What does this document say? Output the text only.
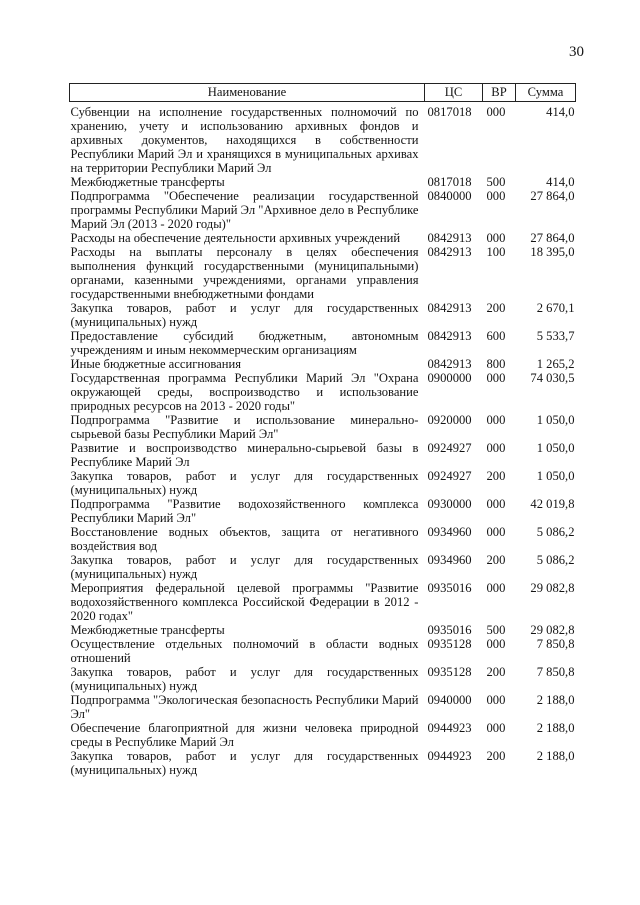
30
Наименование	ЦС	ВР	Сумма
Субвенции на исполнение государственных полномочий по хранению, учету и использованию архивных фондов и архивных документов, находящихся в собственности Республики Марий Эл и хранящихся в муниципальных архивах на территории Республики Марий Эл	0817018	000	414,0
Межбюджетные трансферты	0817018	500	414,0
Подпрограмма "Обеспечение реализации государственной программы Республики Марий Эл "Архивное дело в Республике Марий Эл (2013 - 2020 годы)"	0840000	000	27 864,0
Расходы на обеспечение деятельности архивных учреждений	0842913	000	27 864,0
Расходы на выплаты персоналу в целях обеспечения выполнения функций государственными (муниципальными) органами, казенными учреждениями, органами управления государственными внебюджетными фондами	0842913	100	18 395,0
Закупка товаров, работ и услуг для государственных (муниципальных) нужд	0842913	200	2 670,1
Предоставление субсидий бюджетным, автономным учреждениям и иным некоммерческим организациям	0842913	600	5 533,7
Иные бюджетные ассигнования	0842913	800	1 265,2
Государственная программа Республики Марий Эл "Охрана окружающей среды, воспроизводство и использование природных ресурсов на 2013 - 2020 годы"	0900000	000	74 030,5
Подпрограмма "Развитие и использование минерально-сырьевой базы Республики Марий Эл"	0920000	000	1 050,0
Развитие и воспроизводство минерально-сырьевой базы в Республике Марий Эл	0924927	000	1 050,0
Закупка товаров, работ и услуг для государственных (муниципальных) нужд	0924927	200	1 050,0
Подпрограмма "Развитие водохозяйственного комплекса Республики Марий Эл"	0930000	000	42 019,8
Восстановление водных объектов, защита от негативного воздействия вод	0934960	000	5 086,2
Закупка товаров, работ и услуг для государственных (муниципальных) нужд	0934960	200	5 086,2
Мероприятия федеральной целевой программы "Развитие водохозяйственного комплекса Российской Федерации в 2012 - 2020 годах"	0935016	000	29 082,8
Межбюджетные трансферты	0935016	500	29 082,8
Осуществление отдельных полномочий в области водных отношений	0935128	000	7 850,8
Закупка товаров, работ и услуг для государственных (муниципальных) нужд	0935128	200	7 850,8
Подпрограмма "Экологическая безопасность Республики Марий Эл"	0940000	000	2 188,0
Обеспечение благоприятной для жизни человека природной среды в Республике Марий Эл	0944923	000	2 188,0
Закупка товаров, работ и услуг для государственных (муниципальных) нужд	0944923	200	2 188,0
